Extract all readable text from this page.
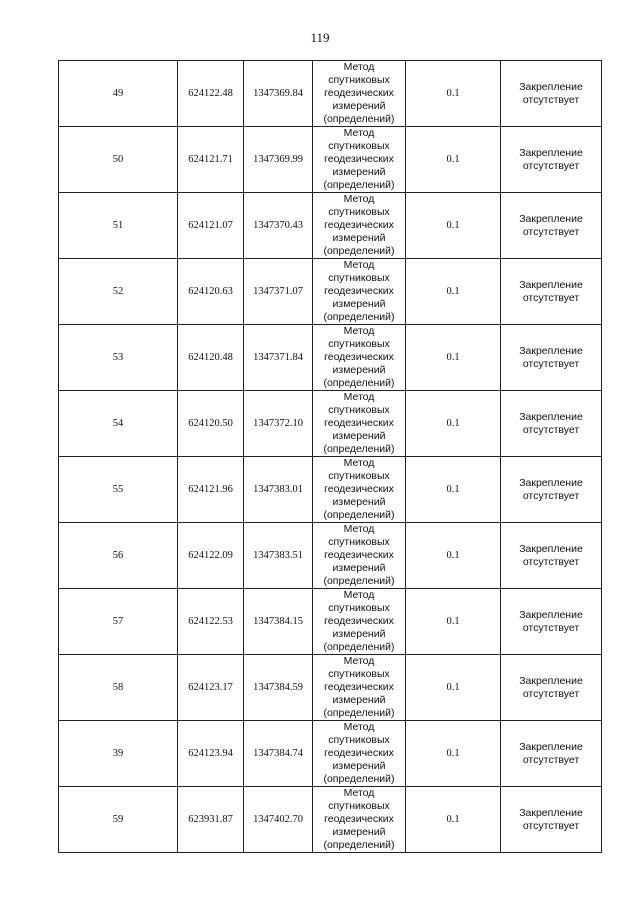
119
49	624122.48	1347369.84	Метод
спутниковых
геодезических
измерений
(определений)	0.1	Закрепление
отсутствует

50	624121.71	1347369.99	Метод
спутниковых
геодезических
измерений
(определений)	0.1	Закрепление
отсутствует

51	624121.07	1347370.43	Метод
спутниковых
геодезических
измерений
(определений)	0.1	Закрепление
отсутствует

52	624120.63	1347371.07	Метод
спутниковых
геодезических
измерений
(определений)	0.1	Закрепление
отсутствует

53	624120.48	1347371.84	Метод
спутниковых
геодезических
измерений
(определений)	0.1	Закрепление
отсутствует

54	624120.50	1347372.10	Метод
спутниковых
геодезических
измерений
(определений)	0.1	Закрепление
отсутствует

55	624121.96	1347383.01	Метод
спутниковых
геодезических
измерений
(определений)	0.1	Закрепление
отсутствует

56	624122.09	1347383.51	Метод
спутниковых
геодезических
измерений
(определений)	0.1	Закрепление
отсутствует

57	624122.53	1347384.15	Метод
спутниковых
геодезических
измерений
(определений)	0.1	Закрепление
отсутствует

58	624123.17	1347384.59	Метод
спутниковых
геодезических
измерений
(определений)	0.1	Закрепление
отсутствует

39	624123.94	1347384.74	Метод
спутниковых
геодезических
измерений
(определений)	0.1	Закрепление
отсутствует

59	623931.87	1347402.70	Метод
спутниковых
геодезических
измерений
(определений)	0.1	Закрепление
отсутствует
